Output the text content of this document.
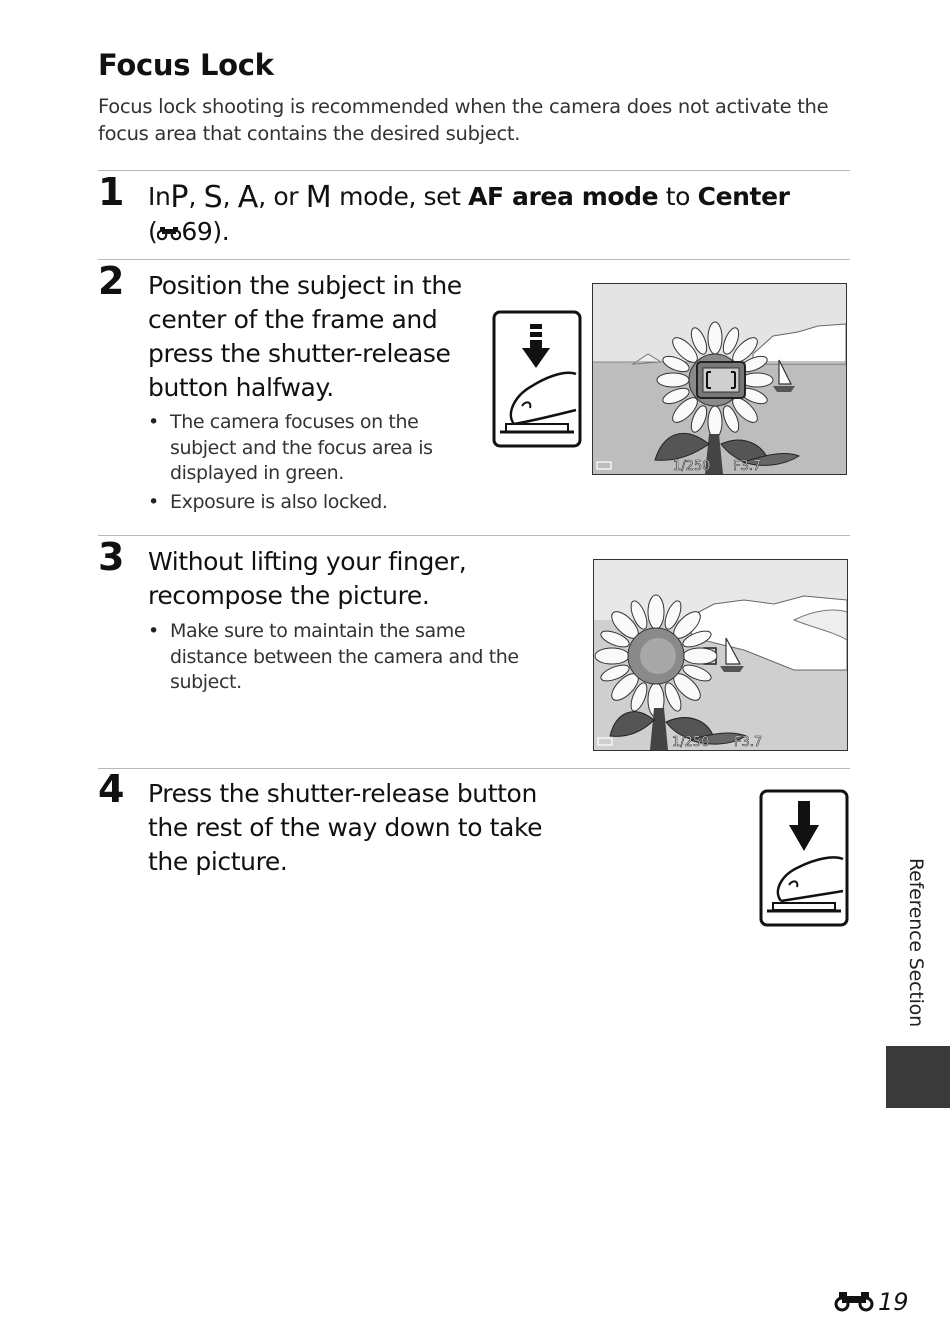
Focus Lock
Focus lock shooting is recommended when the camera does not activate the focus area that contains the desired subject.
1 InP, S, A, or M mode, set AF area mode to Center
( 69).
2 Position the subject in the center of the frame and press the shutter-release button halfway.
• The camera focuses on the subject and the focus area is displayed in green.
• Exposure is also locked.
1/250 F3.7
3 Without lifting your finger, recompose the picture.
• Make sure to maintain the same distance between the camera and the subject.
1/250 F3.7
4 Press the shutter-release button the rest of the way down to take the picture.	Reference Section
19
